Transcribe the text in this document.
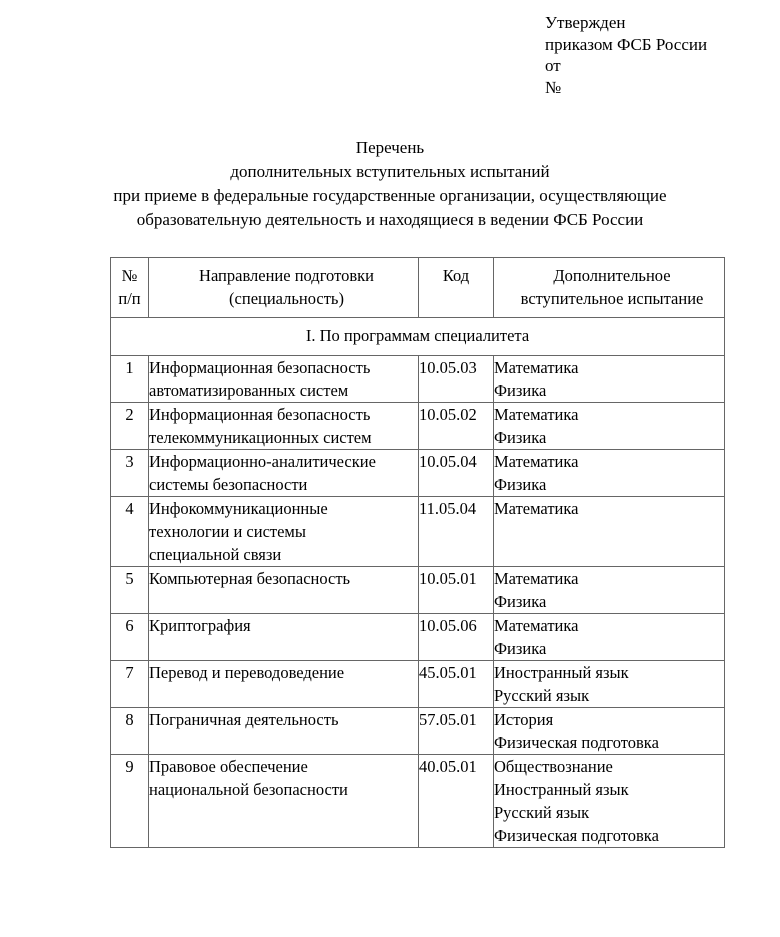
Утвержден
приказом ФСБ России
от
№
Перечень
дополнительных вступительных испытаний
при приеме в федеральные государственные организации, осуществляющие
образовательную деятельность и находящиеся в ведении ФСБ России
№
п/п	Направление подготовки
(специальность)	Код	Дополнительное
вступительное испытание

I. По программам специалитета			
1	Информационная безопасность
автоматизированных систем	10.05.03	Математика
Физика

2	Информационная безопасность
телекоммуникационных систем	10.05.02	Математика
Физика

3	Информационно-аналитические
системы безопасности	10.05.04	Математика
Физика

4	Инфокоммуникационные
технологии и системы
специальной связи	11.05.04	Математика

5	Компьютерная безопасность	10.05.01	Математика
Физика

6	Криптография	10.05.06	Математика
Физика

7	Перевод и переводоведение	45.05.01	Иностранный язык
Русский язык

8	Пограничная деятельность	57.05.01	История
Физическая подготовка

9	Правовое обеспечение
национальной безопасности	40.05.01	Обществознание
Иностранный язык
Русский язык
Физическая подготовка
